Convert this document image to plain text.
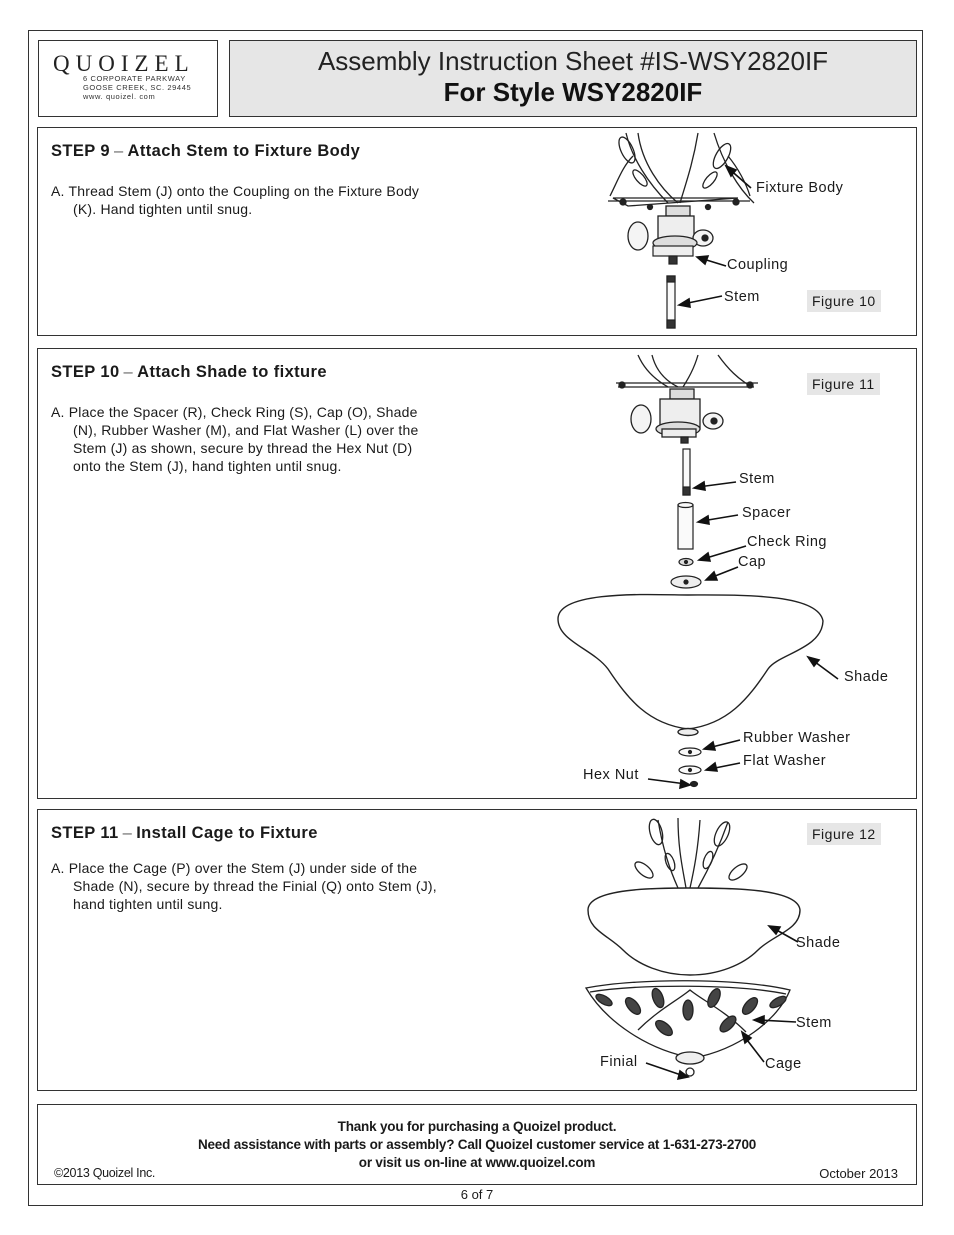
QUOIZEL
6 CORPORATE PARKWAY
GOOSE CREEK, SC. 29445
www. quoizel. com
Assembly Instruction Sheet #IS-WSY2820IF
For Style WSY2820IF
STEP 9 – Attach Stem to Fixture Body
A. Thread Stem (J) onto the Coupling on the Fixture Body
(K). Hand tighten until snug.
Fixture Body
Coupling
Stem	Figure 10
STEP 10 – Attach Shade to fixture
A. Place the Spacer (R), Check Ring (S), Cap (O), Shade
(N), Rubber Washer (M), and Flat Washer (L) over the
Stem (J) as shown, secure by thread the Hex Nut (D)
onto the Stem (J), hand tighten until snug.
Figure 11
Stem
Spacer
Check Ring
Cap
Shade
Rubber Washer
Flat Washer
Hex Nut
STEP 11 – Install Cage to Fixture
A. Place the Cage (P) over the Stem (J) under side of the
Shade (N), secure by thread the Finial (Q) onto Stem (J),
hand tighten until sung.
Figure 12
Shade
Stem
Finial	Cage
Thank you for purchasing a Quoizel product.
Need assistance with parts or assembly? Call Quoizel customer service at 1-631-273-2700
or visit us on-line at www.quoizel.com
©2013 Quoizel Inc.	October 2013
6 of 7
